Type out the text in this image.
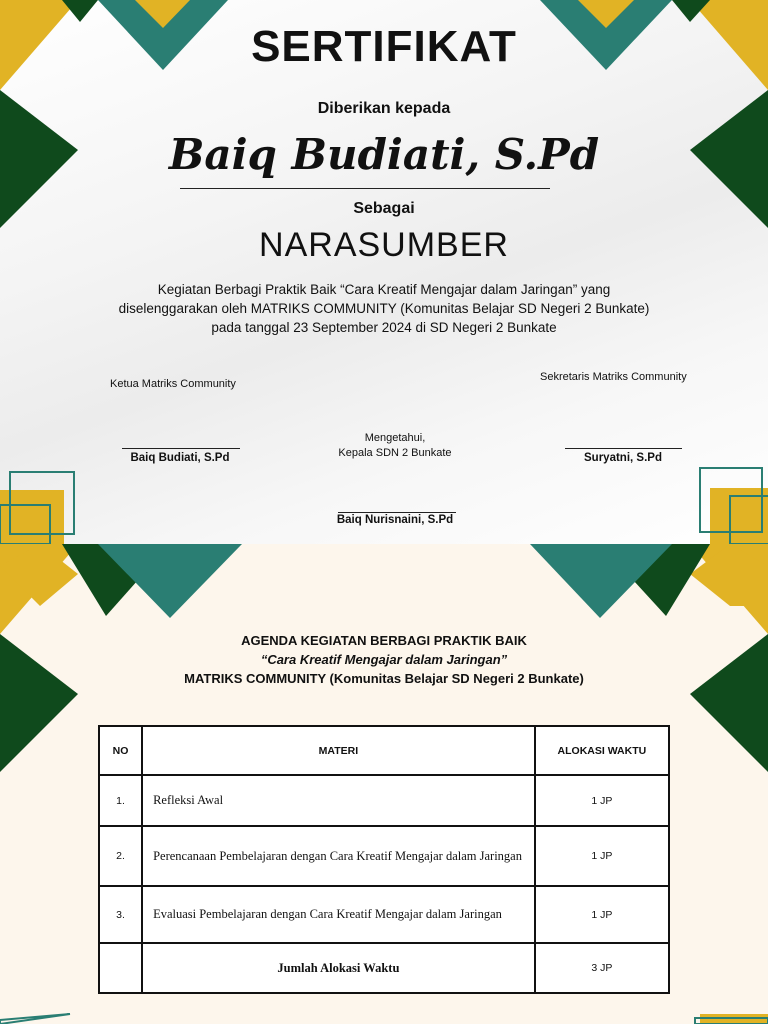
SERTIFIKAT
Diberikan kepada
Baiq Budiati, S.Pd
Sebagai
NARASUMBER
Kegiatan Berbagi Praktik Baik “Cara Kreatif Mengajar dalam Jaringan” yang
diselenggarakan oleh MATRIKS COMMUNITY (Komunitas Belajar SD Negeri 2 Bunkate)
pada tanggal 23 September 2024 di SD Negeri 2 Bunkate
Ketua Matriks Community
Baiq Budiati, S.Pd
Sekretaris Matriks Community
Suryatni, S.Pd
Mengetahui,
Kepala SDN 2 Bunkate
Baiq Nurisnaini, S.Pd
AGENDA KEGIATAN BERBAGI PRAKTIK BAIK
“Cara Kreatif Mengajar dalam Jaringan”
MATRIKS COMMUNITY (Komunitas Belajar SD Negeri 2 Bunkate)
NO	MATERI	ALOKASI WAKTU
1.	Refleksi Awal	1 JP
2.	Perencanaan Pembelajaran dengan Cara Kreatif Mengajar dalam Jaringan	1 JP
3.	Evaluasi Pembelajaran dengan Cara Kreatif Mengajar dalam Jaringan	1 JP
	Jumlah Alokasi Waktu	3 JP
